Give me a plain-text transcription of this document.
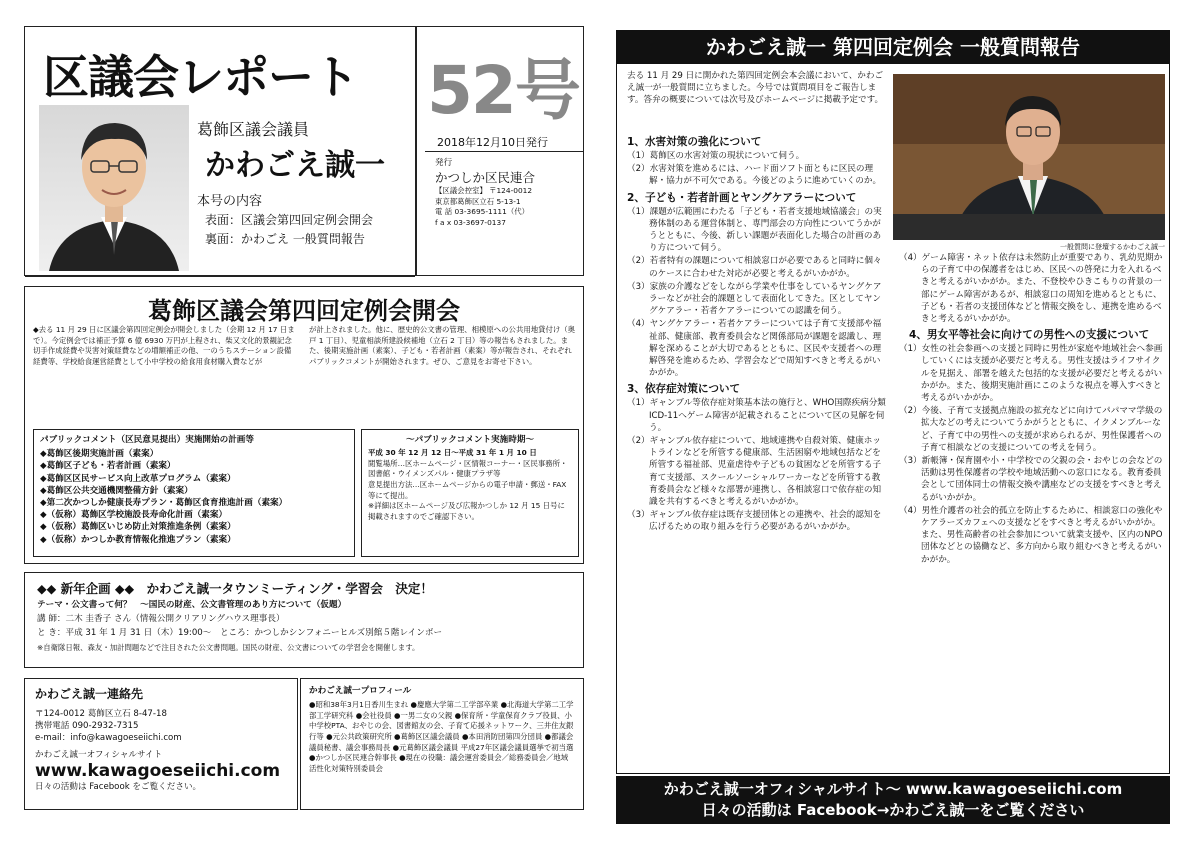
区議会レポート 52号
2018年12月10日発行
発行
かつしか区民連合
【区議会控室】 〒124-0012
東京都葛飾区立石 5-13-1
電 話 03-3695-1111（代）
f a x 03-3697-0137
葛飾区議会議員
かわごえ誠一
本号の内容
表面：区議会第四回定例会開会
裏面：かわごえ 一般質問報告
葛飾区議会第四回定例会開会
◆去る 11 月 29 日に区議会第四回定例会が開会しました（会期 12 月 17 日まで）。今定例会では補正予算 6 億 6930 万円が上程され、柴又文化的景観記念切手作成経費や災害対策経費などの増額補正の他、一のうちステーション設備経費等、学校給食運営経費として小中学校の給食用食材購入費などが
が計上されました。他に、歴史的公文書の管理、相模原への公共用地貸付け（奥戸 1 丁目）、児童相談所建設候補地（立石 2 丁目）等の報告もされました。また、後期実施計画（素案）、子ども・若者計画（素案）等が報告され、それぞれパブリックコメントが開始されます。ぜひ、ご意見をお寄せ下さい。
パブリックコメント（区民意見提出）実施開始の計画等
◆葛飾区後期実施計画（素案）
◆葛飾区子ども・若者計画（素案）
◆葛飾区区民サービス向上改革プログラム（素案）
◆葛飾区公共交通機関整備方針（素案）
◆第二次かつしか健康長寿プラン・葛飾区食育推進計画（素案）
◆（仮称）葛飾区学校施設長寿命化計画（素案）
◆（仮称）葛飾区いじめ防止対策推進条例（素案）
◆（仮称）かつしか教育情報化推進プラン（素案）
～パブリックコメント実施時期～
平成 30 年 12 月 12 日～平成 31 年 1 月 10 日
閲覧場所…区ホームページ・区情報コーナー・区民事務所・図書館・ウイメンズパル・健康プラザ等
意見提出方法…区ホームページからの電子申請・郵送・FAX 等にて提出。
※詳細は区ホームページ及び広報かつしか 12 月 15 日号に掲載されますのでご確認下さい。
◆◆ 新年企画 ◆◆　かわごえ誠一タウンミーティング・学習会　決定！
テーマ・公文書って何？　～国民の財産、公文書管理のあり方について（仮題）
講 師：二木 圭香子 さん（情報公開クリアリングハウス理事長）
と き：平成 31 年 1 月 31 日（木）19:00～　ところ：かつしかシンフォニーヒルズ別館５階レインボー
※自衛隊日報、森友・加計問題などで注目された公文書問題。国民の財産、公文書についての学習会を開催します。
かわごえ誠一連絡先
〒124-0012 葛飾区立石 8-47-18
携帯電話 090-2932-7315
e-mail：info@kawagoeseiichi.com
かわごえ誠一オフィシャルサイト
www.kawagoeseiichi.com
日々の活動は Facebook をご覧ください。
かわごえ誠一プロフィール
●昭和38年3月1日香川生まれ ●慶應大学第二工学部卒業 ●北海道大学第二工学部工学研究科 ●会社役員 ●一男二女の父親 ●保育所・学童保育クラブ役員、小中学校PTA、おやじの会、図書館友の会、子育て応援ネットワーク、三井住友銀行等 ●元公共政策研究所 ●葛飾区区議会議員 ●本田消防団第四分団員 ●都議会議員秘書、議会事務局長 ●元葛飾区議会議員 平成27年区議会議員選挙で初当選 ●かつしか区民連合幹事長 ●現在の役職：議会運営委員会／総務委員会／地域活性化対策特別委員会
かわごえ誠一 第四回定例会 一般質問報告
去る 11 月 29 日に開かれた第四回定例会本会議において、かわごえ誠一が一般質問に立ちました。今号では質問項目をご報告します。答弁の概要については次号及びホームページに掲載予定です。
一般質問に登壇するかわごえ誠一
1、水害対策の強化について
（1）葛飾区の水害対策の現状について伺う。
（2）水害対策を進めるには、ハード面ソフト面ともに区民の理解・協力が不可欠である。今後どのように進めていくのか。
2、子ども・若者計画とヤングケアラーについて
（1）課題が広範囲にわたる「子ども・若者支援地域協議会」の実務体制のある運営体制と、専門部会の方向性についてうかがうとともに、今後、新しい課題が表面化した場合の計画のあり方について伺う。
（2）若者特有の課題について相談窓口が必要であると同時に個々のケースに合わせた対応が必要と考えるがいかがか。
（3）家族の介護などをしながら学業や仕事をしているヤングケアラーなどが社会的課題として表面化してきた。区としてヤングケアラー・若者ケアラーについての認識を伺う。
（4）ヤングケアラー・若者ケアラーについては子育て支援部や福祉部、健康部、教育委員会など関係部局が課題を認識し、理解を深めることが大切であるとともに、区民や支援者への理解啓発を進めるため、学習会などで周知すべきと考えるがいかがか。
3、依存症対策について
（1）ギャンブル等依存症対策基本法の施行と、WHO国際疾病分類ICD-11へゲーム障害が記載されることについて区の見解を伺う。
（2）ギャンブル依存症について、地域連携や自殺対策、健康ホットラインなどを所管する健康部、生活困窮や地域包括などを所管する福祉部、児童虐待や子どもの貧困などを所管する子育て支援部、スクールソーシャルワーカーなどを所管する教育委員会など様々な部署が連携し、各相談窓口で依存症の知識を共有するべきと考えるがいかがか。
（3）ギャンブル依存症は既存支援団体との連携や、社会的認知を広げるための取り組みを行う必要があるがいかがか。
（4）ゲーム障害・ネット依存は未然防止が重要であり、乳幼児期からの子育て中の保護者をはじめ、区民への啓発に力を入れるべきと考えるがいかがか。また、不登校やひきこもりの背景の一部にゲーム障害があるが、相談窓口の周知を進めるとともに、子ども・若者の支援団体などと情報交換をし、連携を進めるべきと考えるがいかがか。
4、男女平等社会に向けての男性への支援について
（1）女性の社会参画への支援と同時に男性が家庭や地域社会へ参画していくには支援が必要だと考える。男性支援はライフサイクルを見据え、部署を越えた包括的な支援が必要だと考えるがいかがか。また、後期実施計画にこのような視点を導入すべきと考えるがいかがか。
（2）今後、子育て支援拠点施設の拡充などに向けてパパママ学級の拡大などの考えについてうかがうとともに、イクメンブルーなど、子育て中の男性への支援が求められるが、男性保護者への子育て相談などの支援についての考えを伺う。
（3）新帳簿・保育園や小・中学校での父親の会・おやじの会などの活動は男性保護者の学校や地域活動への窓口になる。教育委員会として団体同士の情報交換や講座などの支援をすべきと考えるがいかがか。
（4）男性介護者の社会的孤立を防止するために、相談窓口の強化やケアラーズカフェへの支援などをすべきと考えるがいかがか。また、男性高齢者の社会参加について就業支援や、区内のNPO団体などとの協働など、多方向から取り組むべきと考えるがいかがか。
かわごえ誠一オフィシャルサイト～ www.kawagoeseiichi.com
日々の活動は Facebook→かわごえ誠一をご覧ください
